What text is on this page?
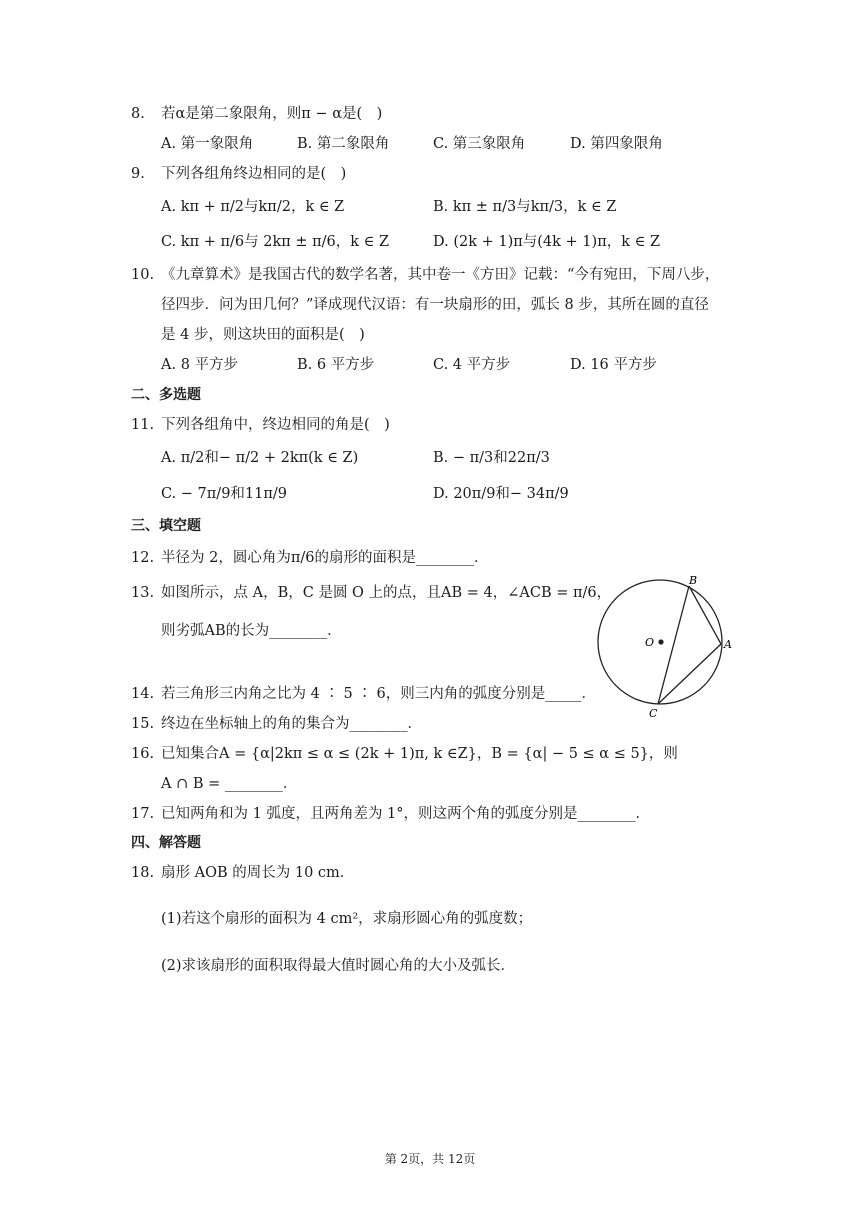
8. 若α是第二象限角，则π − α是(　)
A. 第一象限角	B. 第二象限角	C. 第三象限角	D. 第四象限角
9. 下列各组角终边相同的是(　)
A. kπ + π/2与kπ/2，k ∈ Z	B. kπ ± π/3与kπ/3，k ∈ Z
C. kπ + π/6与 2kπ ± π/6，k ∈ Z	D. (2k + 1)π与(4k + 1)π，k ∈ Z
10. 《九章算术》是我国古代的数学名著，其中卷一《方田》记载：“今有宛田，下周八步，
径四步．问为田几何？”译成现代汉语：有一块扇形的田，弧长 8 步，其所在圆的直径
是 4 步，则这块田的面积是(　)
A. 8 平方步	B. 6 平方步	C. 4 平方步	D. 16 平方步
二、多选题
11. 下列各组角中，终边相同的角是(　)
A. π/2和− π/2 + 2kπ(k ∈ Z)	B. − π/3和22π/3
C. − 7π/9和11π/9	D. 20π/9和− 34π/9
三、填空题
12. 半径为 2，圆心角为π/6的扇形的面积是________．
13. 如图所示，点 A，B，C 是圆 O 上的点，且AB = 4，∠ACB = π/6，
则劣弧AB的长为________．
B
O	A
C
14. 若三角形三内角之比为 4 ∶ 5 ∶ 6，则三内角的弧度分别是_____．
15. 终边在坐标轴上的角的集合为________．
16. 已知集合A = {α|2kπ ≤ α ≤ (2k + 1)π, k ∈Z}，B = {α| − 5 ≤ α ≤ 5}，则
A ∩ B = ________．
17. 已知两角和为 1 弧度，且两角差为 1°，则这两个角的弧度分别是________．
四、解答题
18. 扇形 AOB 的周长为 10 cm．
(1)若这个扇形的面积为 4 cm²，求扇形圆心角的弧度数；
(2)求该扇形的面积取得最大值时圆心角的大小及弧长．
第 2页，共 12页
